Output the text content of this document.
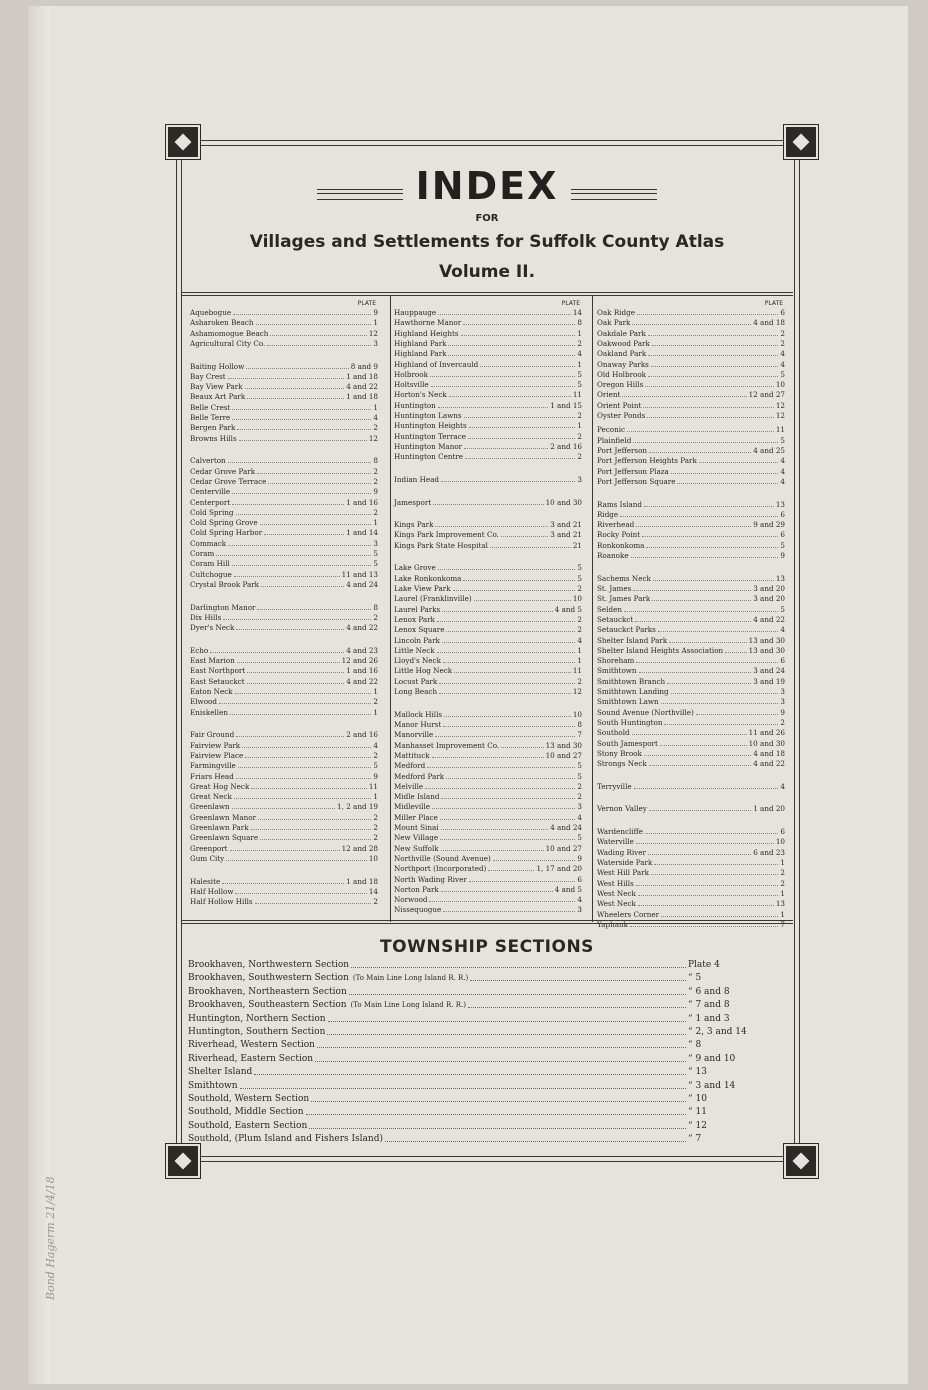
Bond Hagerm 21/4/18
INDEX
FOR
Villages and Settlements for Suffolk County Atlas
Volume II.
PLATE
Aquebogue	9
Asharoken Beach	1
Ashamomogue Beach	12
Agricultural City Co.	3
Baiting Hollow	8 and 9
Bay Crest	1 and 18
Bay View Park	4 and 22
Beaux Art Park	1 and 18
Belle Crest	1
Belle Terre	4
Bergen Park	2
Browns Hills	12
Calverton	8
Cedar Grove Park	2
Cedar Grove Terrace	2
Centerville	9
Centerport	1 and 16
Cold Spring	2
Cold Spring Grove	1
Cold Spring Harbor	1 and 14
Commack	3
Coram	5
Coram Hill	5
Cultchogue	11 and 13
Crystal Brook Park	4 and 24
Darlington Manor	8
Dix Hills	2
Dyer's Neck	4 and 22
Echo	4 and 23
East Marion	12 and 26
East Northport	1 and 16
East Setauckct	4 and 22
Eaton Neck	1
Elwood	2
Eniskellen	1
Fair Ground	2 and 16
Fairview Park	4
Fairview Place	2
Farmingville	5
Friars Head	9
Great Hog Neck	11
Great Neck	1
Greenlawn	1, 2 and 19
Greenlawn Manor	2
Greenlawn Park	2
Greenlawn Square	2
Greenport	12 and 28
Gum City	10
Halesite	1 and 18
Half Hollow	14
Half Hollow Hills	2
PLATE
Hauppauge	14
Hawthorne Manor	8
Highland Heights	1
Highland Park	2
Highland Park	4
Highland of Invercauld	1
Holbrook	5
Holtsville	5
Horton's Neck	11
Huntington	1 and 15
Huntington Lawns	2
Huntington Heights	1
Huntington Terrace	2
Huntington Manor	2 and 16
Huntington Centre	2
Indian Head	3
Jamesport	10 and 30
Kings Park	3 and 21
Kings Park Improvement Co.	3 and 21
Kings Park State Hospital	21
Lake Grove	5
Lake Ronkonkoma	5
Lake View Park	2
Laurel (Franklinville)	10
Laurel Parks	4 and 5
Lenox Park	2
Lenox Square	2
Lincoln Park	4
Little Neck	1
Lloyd's Neck	1
Little Hog Neck	11
Locust Park	2
Long Beach	12
Mallock Hills	10
Manor Hurst	8
Manorville	7
Manhasset Improvement Co.	13 and 30
Mattituck	10 and 27
Medford	5
Medford Park	5
Melville	2
Midle Island	2
Midleville	3
Miller Place	4
Mount Sinai	4 and 24
New Village	5
New Suffolk	10 and 27
Northville (Sound Avenue)	9
Northport (Incorporated)	1, 17 and 20
North Wading River	6
Norton Park	4 and 5
Norwood	4
Nissequogue	3
PLATE
Oak Ridge	6
Oak Park	4 and 18
Oakdale Park	2
Oakwood Park	2
Oakland Park	4
Onaway Parks	4
Old Holbrook	5
Oregon Hills	10
Orient	12 and 27
Orient Point	12
Oyster Ponds	12
Peconic	11
Plainfield	5
Port Jefferson	4 and 25
Port Jefferson Heights Park	4
Port Jefferson Plaza	4
Port Jefferson Square	4
Rams Island	13
Ridge	6
Riverhead	9 and 29
Rocky Point	6
Ronkonkoma	5
Roanoke	9
Sachems Neck	13
St. James	3 and 20
St. James Park	3 and 20
Selden	5
Setauckct	4 and 22
Setauckct Parks	4
Shelter Island Park	13 and 30
Shelter Island Heights Association	13 and 30
Shoreham	6
Smithtown	3 and 24
Smithtown Branch	3 and 19
Smithtown Landing	3
Smithtown Lawn	3
Sound Avenue (Northville)	9
South Huntington	2
Southold	11 and 26
South Jamesport	10 and 30
Stony Brook	4 and 18
Strongs Neck	4 and 22
Terryville	4
Vernon Valley	1 and 20
Wardencliffe	6
Waterville	10
Wading River	6 and 23
Waterside Park	1
West Hill Park	2
West Hills	2
West Neck	1
West Neck	13
Wheelers Corner	1
Yaphank	7
TOWNSHIP SECTIONS
Brookhaven, Northwestern Section	Plate 4
Brookhaven, Southwestern Section (To Main Line Long Island R. R.)	“ 5
Brookhaven, Northeastern Section	“ 6 and 8
Brookhaven, Southeastern Section (To Main Line Long Island R. R.)	“ 7 and 8
Huntington, Northern Section	“ 1 and 3
Huntington, Southern Section	“ 2, 3 and 14
Riverhead, Western Section	“ 8
Riverhead, Eastern Section	“ 9 and 10
Shelter Island	“ 13
Smithtown	“ 3 and 14
Southold, Western Section	“ 10
Southold, Middle Section	“ 11
Southold, Eastern Section	“ 12
Southold, (Plum Island and Fishers Island)	“ 7
